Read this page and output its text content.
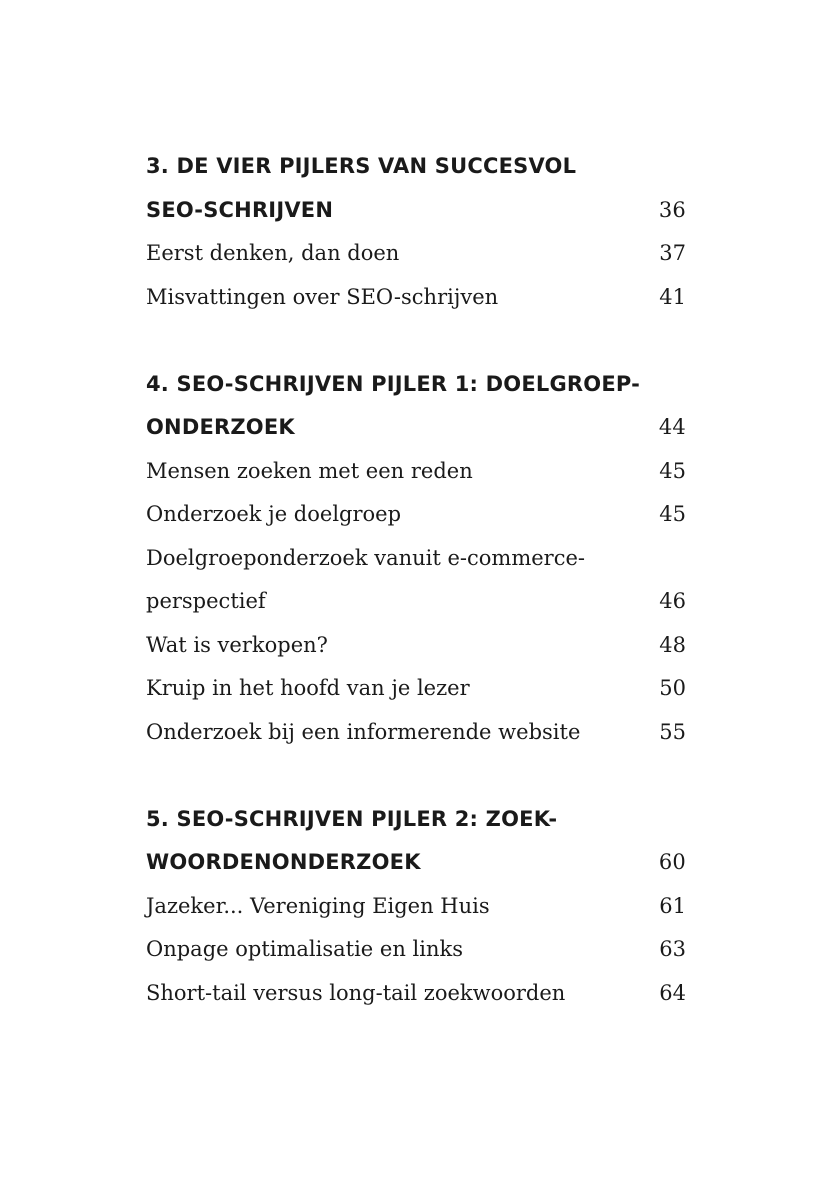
3. DE VIER PIJLERS VAN SUCCESVOL
SEO-SCHRIJVEN	36
Eerst denken, dan doen	37
Misvattingen over SEO-schrijven	41
4. SEO-SCHRIJVEN PIJLER 1: DOELGROEP-
ONDERZOEK	44
Mensen zoeken met een reden	45
Onderzoek je doelgroep	45
Doelgroeponderzoek vanuit e-commerce-
perspectief	46
Wat is verkopen?	48
Kruip in het hoofd van je lezer	50
Onderzoek bij een informerende website	55
5. SEO-SCHRIJVEN PIJLER 2: ZOEK-
WOORDENONDERZOEK	60
Jazeker... Vereniging Eigen Huis	61
Onpage optimalisatie en links	63
Short-tail versus long-tail zoekwoorden	64
